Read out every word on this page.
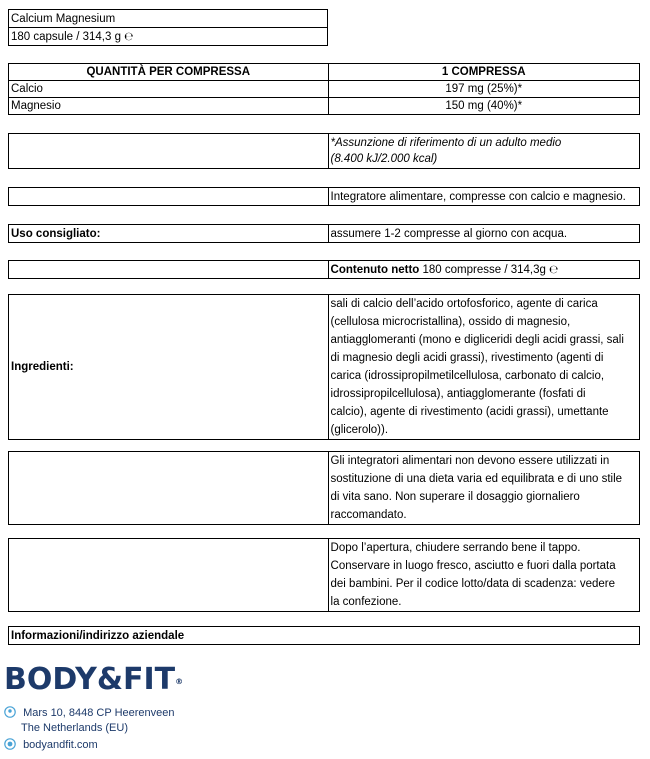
Calcium Magnesium
180 capsule / 314,3 g ℮
QUANTITÀ PER COMPRESSA	1 COMPRESSA
Calcio	197 mg (25%)*
Magnesio	150 mg (40%)*

*Assunzione di riferimento di un adulto medio
(8.400 kJ/2.000 kcal)
	Integratore alimentare, compresse con calcio e magnesio.
Uso consigliato:	assumere 1-2 compresse al giorno con acqua.
	Contenuto netto 180 compresse / 314,3g ℮
Ingredienti:	
sali di calcio dell’acido ortofosforico, agente di carica
(cellulosa microcristallina), ossido di magnesio,
antiagglomeranti (mono e digliceridi degli acidi grassi, sali
di magnesio degli acidi grassi), rivestimento (agenti di
carica (idrossipropilmetilcellulosa, carbonato di calcio,
idrossipropilcellulosa), antiagglomerante (fosfati di
calcio), agente di rivestimento (acidi grassi), umettante
(glicerolo)).

Gli integratori alimentari non devono essere utilizzati in
sostituzione di una dieta varia ed equilibrata e di uno stile
di vita sano. Non superare il dosaggio giornaliero
raccomandato.

Dopo l’apertura, chiudere serrando bene il tappo.
Conservare in luogo fresco, asciutto e fuori dalla portata
dei bambini. Per il codice lotto/data di scadenza: vedere
la confezione.
Informazioni/indirizzo aziendale
BODY&FIT®
Mars 10, 8448 CP Heerenveen
The Netherlands (EU)
bodyandfit.com
